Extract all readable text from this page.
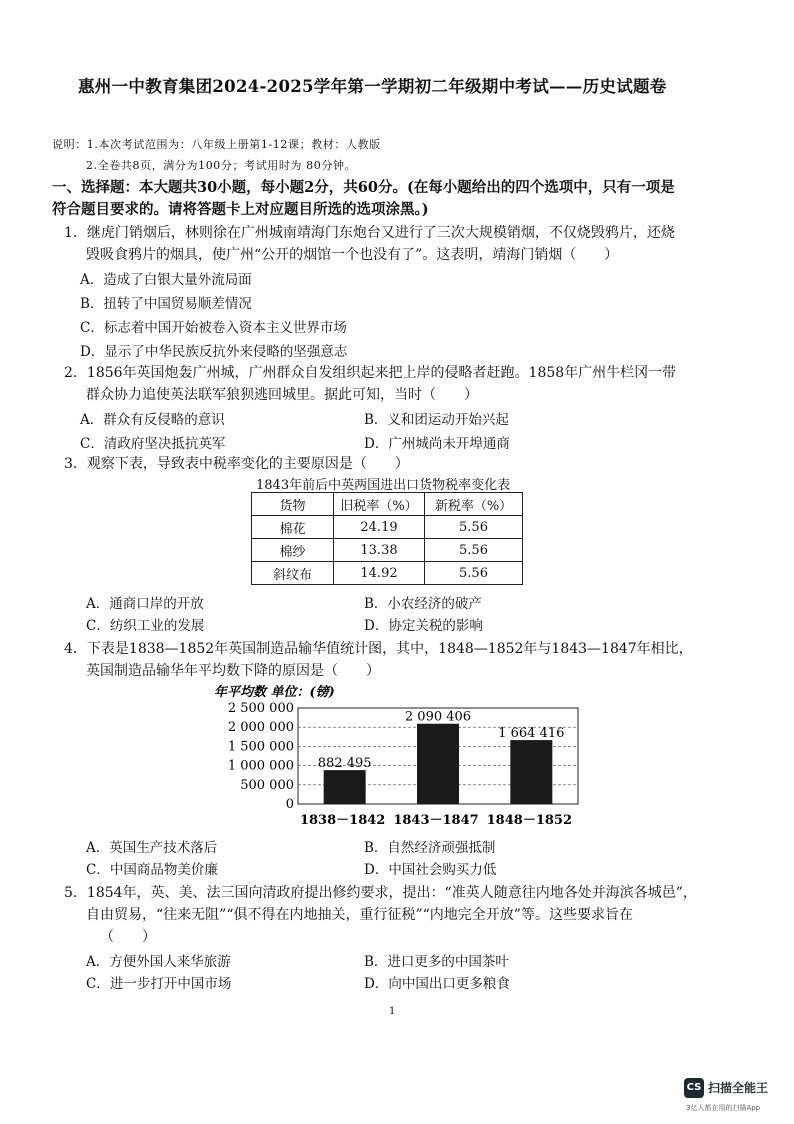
惠州一中教育集团2024-2025学年第一学期初二年级期中考试——历史试题卷
说明：1.本次考试范围为：八年级上册第1-12课；教材：人教版
2.全卷共8页，满分为100分；考试用时为 80分钟。
一、选择题：本大题共30小题，每小题2分，共60分。(在每小题给出的四个选项中，只有一项是
符合题目要求的。请将答题卡上对应题目所选的选项涂黑。)
1．继虎门销烟后，林则徐在广州城南靖海门东炮台又进行了三次大规模销烟，不仅烧毁鸦片，还烧
毁吸食鸦片的烟具，使广州“公开的烟馆一个也没有了”。这表明，靖海门销烟（　　）
A．造成了白银大量外流局面
B．扭转了中国贸易顺差情况
C．标志着中国开始被卷入资本主义世界市场
D．显示了中华民族反抗外来侵略的坚强意志
2．1856年英国炮轰广州城，广州群众自发组织起来把上岸的侵略者赶跑。1858年广州牛栏冈一带
群众协力追使英法联军狼狈逃回城里。据此可知，当时（　　）
A．群众有反侵略的意识	B．义和团运动开始兴起
C．清政府坚决抵抗英军	D．广州城尚未开埠通商
3．观察下表，导致表中税率变化的主要原因是（　　）
1843年前后中英两国进出口货物税率变化表
货物	旧税率（%）	新税率（%）
棉花	24.19	5.56
棉纱	13.38	5.56
斜纹布	14.92	5.56
A．通商口岸的开放	B．小农经济的破产
C．纺织工业的发展	D．协定关税的影响
4．下表是1838—1852年英国制造品输华值统计图，其中，1848—1852年与1843—1847年相比，
英国制造品输华年平均数下降的原因是（　　）
年平均数 单位：(镑)
0
500 000
1 000 000
1 500 000
2 000 000
2 500 000
882 495
2 090 406
1 664 416
1838－1842 1843－1847 1848－1852
A．英国生产技术落后	B．自然经济顽强抵制
C．中国商品物美价廉	D．中国社会购买力低
5．1854年，英、美、法三国向清政府提出修约要求，提出：“准英人随意往内地各处并海滨各城邑”，
自由贸易，“往来无阻”“俱不得在内地抽关，重行征税”“内地完全开放”等。这些要求旨在
（　　）
A．方便外国人来华旅游	B．进口更多的中国茶叶
C．进一步打开中国市场	D．向中国出口更多粮食
1
CS 扫描全能王
3亿人都在用的扫描App
